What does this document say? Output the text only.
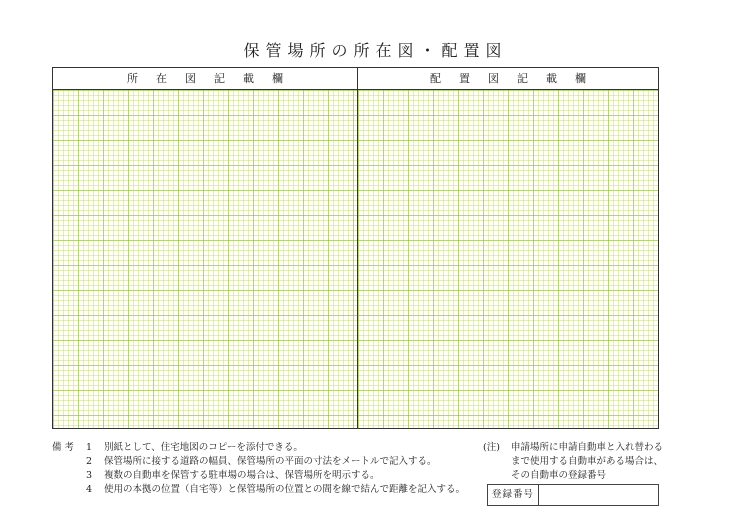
保管場所の所在図・配置図
所在図記載欄	配置図記載欄
備考 1	別紙として、住宅地図のコピーを添付できる。
2	保管場所に接する道路の幅員、保管場所の平面の寸法をメートルで記入する。
3	複数の自動車を保管する駐車場の場合は、保管場所を明示する。
4	使用の本拠の位置（自宅等）と保管場所の位置との間を線で結んで距離を記入する。
(注)	申請場所に申請自動車と入れ替わるまで使用する自動車がある場合は、その自動車の登録番号
登録番号
